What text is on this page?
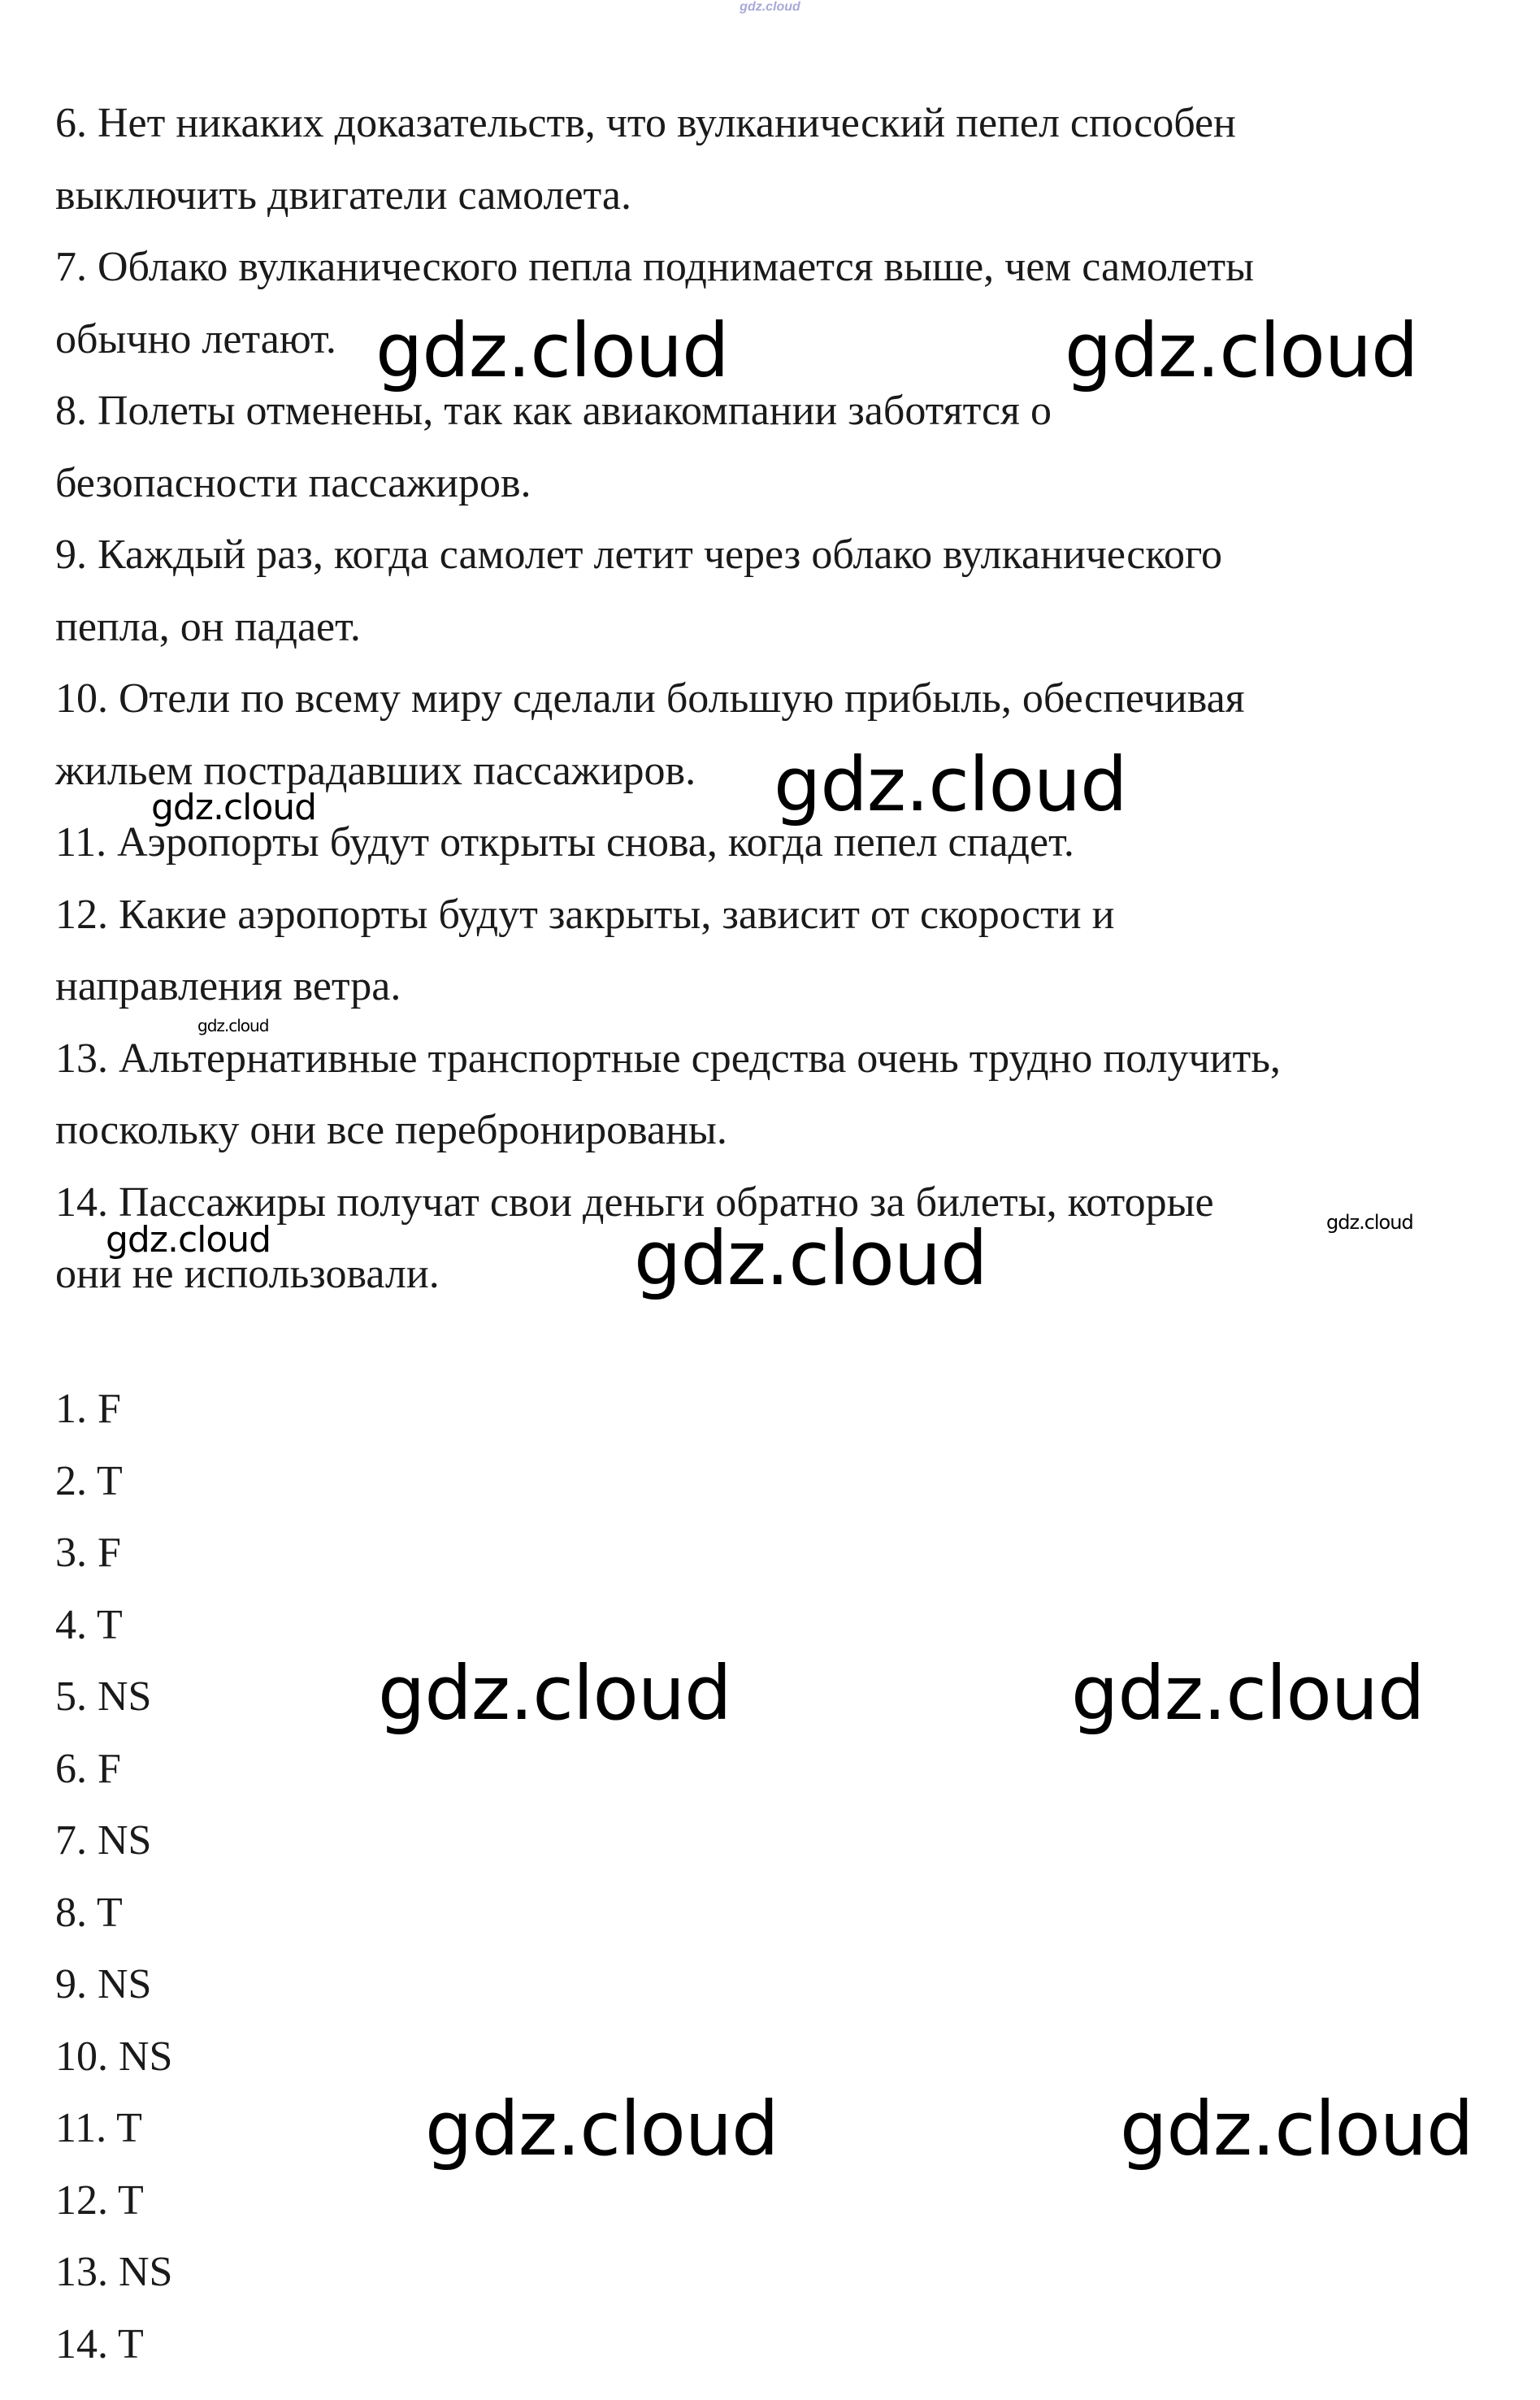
gdz.cloud
6. Нет никаких доказательств, что вулканический пепел способен
выключить двигатели самолета.
7. Облако вулканического пепла поднимается выше, чем самолеты
обычно летают.
8. Полеты отменены, так как авиакомпании заботятся о
безопасности пассажиров.
9. Каждый раз, когда самолет летит через облако вулканического
пепла, он падает.
10. Отели по всему миру сделали большую прибыль, обеспечивая
жильем пострадавших пассажиров.
11. Аэропорты будут открыты снова, когда пепел спадет.
12. Какие аэропорты будут закрыты, зависит от скорости и
направления ветра.
13. Альтернативные транспортные средства очень трудно получить,
поскольку они все перебронированы.
14. Пассажиры получат свои деньги обратно за билеты, которые
они не использовали.
1. F
2. T
3. F
4. T
5. NS
6. F
7. NS
8. T
9. NS
10. NS
11. T
12. T
13. NS
14. T
gdz.cloud	gdz.cloud
gdz.cloud
gdz.cloud
gdz.cloud
gdz.cloud	gdz.cloud
gdz.cloud
gdz.cloud	gdz.cloud
gdz.cloud	gdz.cloud
